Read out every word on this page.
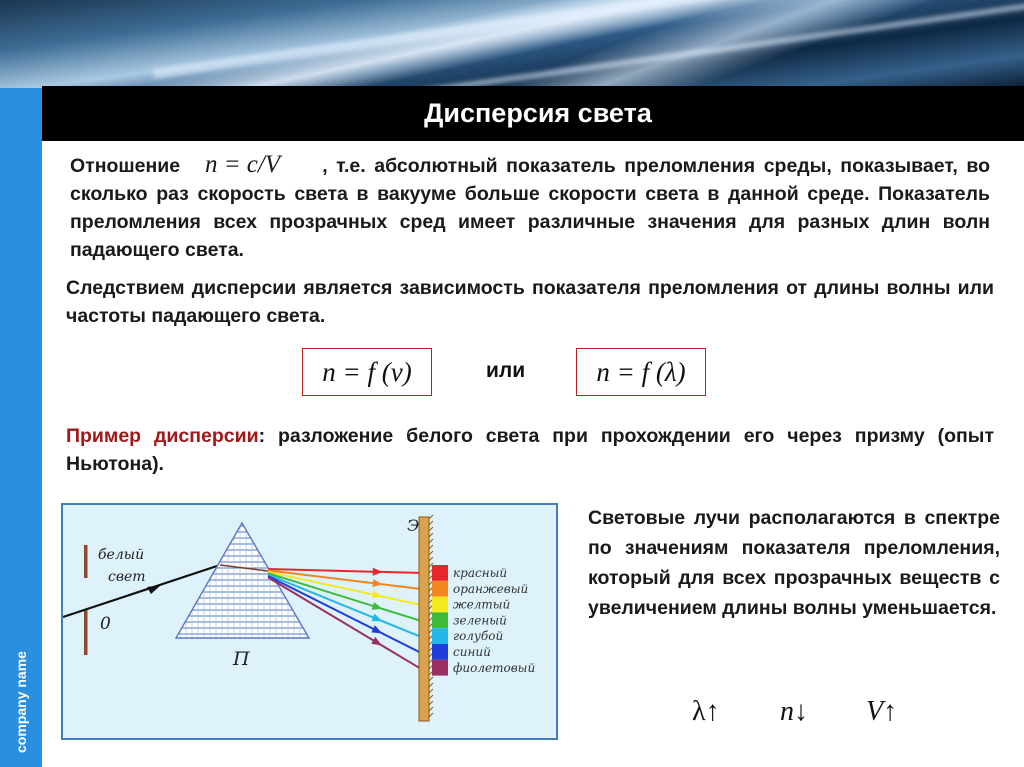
Дисперсия света
company name
Отношение n = c/V , т.е. абсолютный показатель преломления среды, показывает, во сколько раз скорость света в вакууме больше скорости света в данной среде. Показатель преломления всех прозрачных сред имеет различные значения для разных длин волн падающего света.
Следствием дисперсии является зависимость показателя преломления от длины волны или частоты падающего света.
n = f (ν)	или	n = f (λ)
Пример дисперсии: разложение белого света при прохождении его через призму (опыт Ньютона).
белый
свет
0
П
Э
красный
оранжевый
желтый
зеленый
голубой
синий
фиолетовый
Световые лучи располагаются в спектре по значениям показателя преломления, который для всех прозрачных веществ с увеличением длины волны уменьшается.
λ↑ n↓ V↑
